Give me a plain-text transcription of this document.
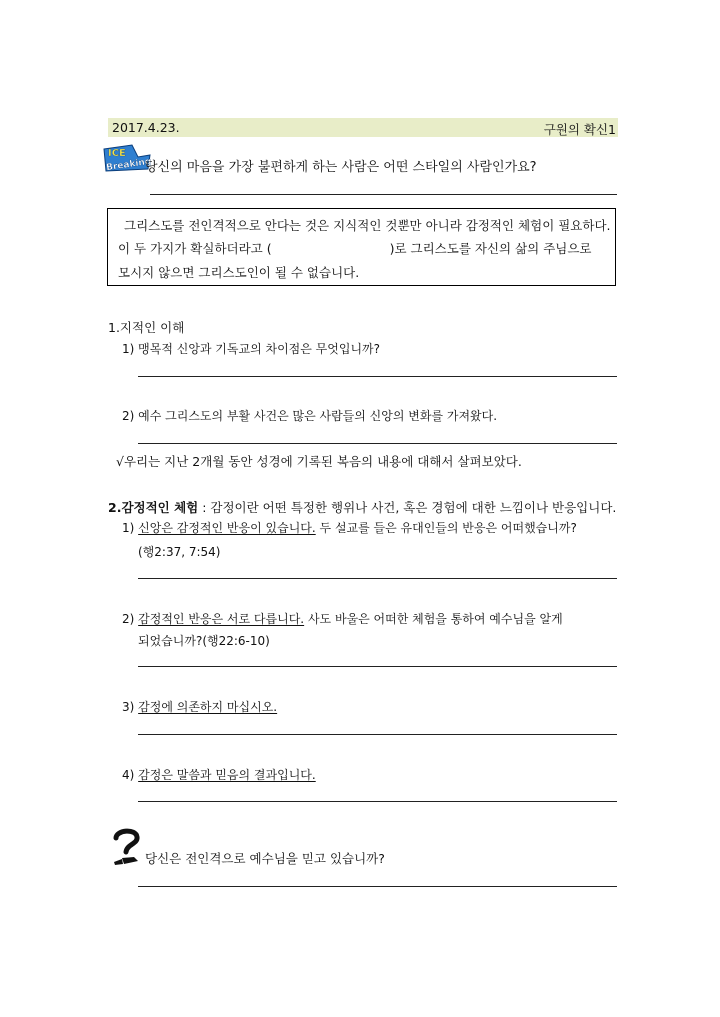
2017.4.23.	구원의 확신1
ICE
Breaking
당신의 마음을 가장 불편하게 하는 사람은 어떤 스타일의 사람인가요?
그리스도를 전인격적으로 안다는 것은 지식적인 것뿐만 아니라 감정적인 체험이 필요하다.
이 두 가지가 확실하더라고 (	)로 그리스도를 자신의 삶의 주님으로
모시지 않으면 그리스도인이 될 수 없습니다.
1.지적인 이해
1) 맹목적 신앙과 기독교의 차이점은 무엇입니까?
2) 예수 그리스도의 부활 사건은 많은 사람들의 신앙의 변화를 가져왔다.
√우리는 지난 2개월 동안 성경에 기록된 복음의 내용에 대해서 살펴보았다.
2.감정적인 체험 : 감정이란 어떤 특정한 행위나 사건, 혹은 경험에 대한 느낌이나 반응입니다.
1) 신앙은 감정적인 반응이 있습니다. 두 설교를 들은 유대인들의 반응은 어떠했습니까?
(행2:37, 7:54)
2) 감정적인 반응은 서로 다릅니다. 사도 바울은 어떠한 체험을 통하여 예수님을 알게
되었습니까?(행22:6-10)
3) 감정에 의존하지 마십시오.
4) 감정은 말씀과 믿음의 결과입니다.
당신은 전인격으로 예수님을 믿고 있습니까?
